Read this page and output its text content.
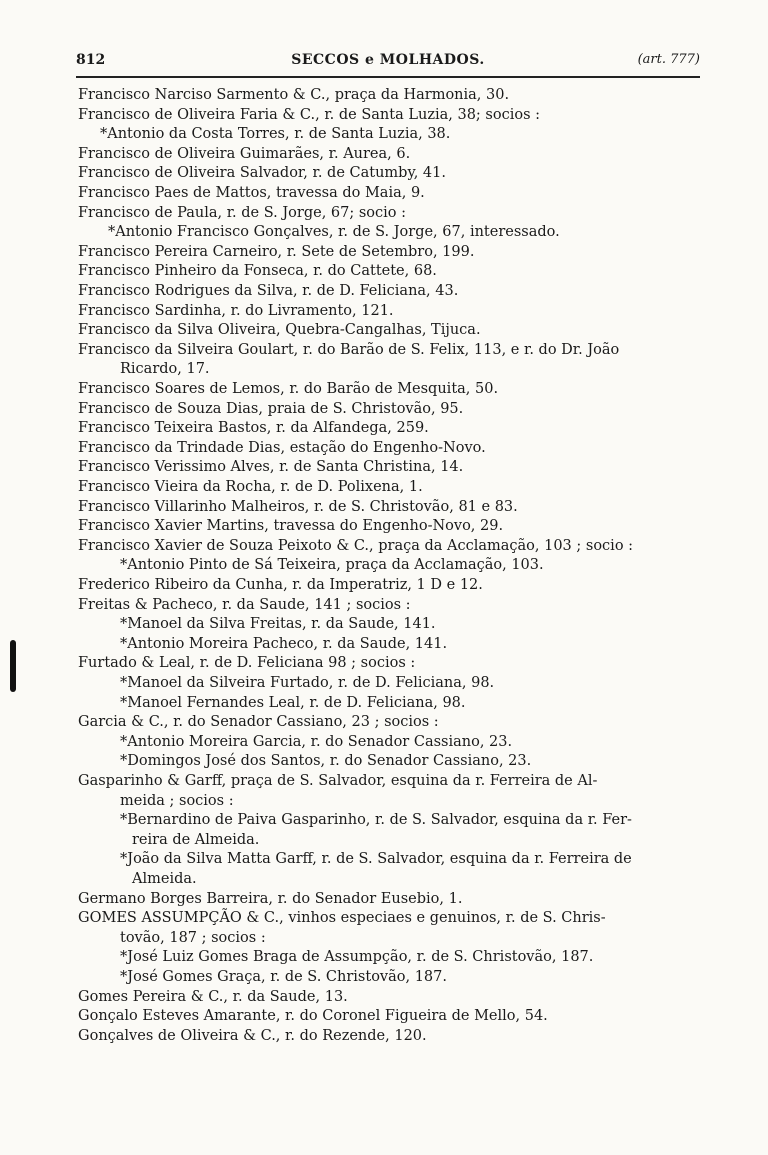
812	SECCOS e MOLHADOS.	(art. 777)
Francisco Narciso Sarmento & C., praça da Harmonia, 30.
Francisco de Oliveira Faria & C., r. de Santa Luzia, 38; socios :
*Antonio da Costa Torres, r. de Santa Luzia, 38.
Francisco de Oliveira Guimarães, r. Aurea, 6.
Francisco de Oliveira Salvador, r. de Catumby, 41.
Francisco Paes de Mattos, travessa do Maia, 9.
Francisco de Paula, r. de S. Jorge, 67; socio :
*Antonio Francisco Gonçalves, r. de S. Jorge, 67, interessado.
Francisco Pereira Carneiro, r. Sete de Setembro, 199.
Francisco Pinheiro da Fonseca, r. do Cattete, 68.
Francisco Rodrigues da Silva, r. de D. Feliciana, 43.
Francisco Sardinha, r. do Livramento, 121.
Francisco da Silva Oliveira, Quebra-Cangalhas, Tijuca.
Francisco da Silveira Goulart, r. do Barão de S. Felix, 113, e r. do Dr. João
Ricardo, 17.
Francisco Soares de Lemos, r. do Barão de Mesquita, 50.
Francisco de Souza Dias, praia de S. Christovão, 95.
Francisco Teixeira Bastos, r. da Alfandega, 259.
Francisco da Trindade Dias, estação do Engenho-Novo.
Francisco Verissimo Alves, r. de Santa Christina, 14.
Francisco Vieira da Rocha, r. de D. Polixena, 1.
Francisco Villarinho Malheiros, r. de S. Christovão, 81 e 83.
Francisco Xavier Martins, travessa do Engenho-Novo, 29.
Francisco Xavier de Souza Peixoto & C., praça da Acclamação, 103 ; socio :
*Antonio Pinto de Sá Teixeira, praça da Acclamação, 103.
Frederico Ribeiro da Cunha, r. da Imperatriz, 1 D e 12.
Freitas & Pacheco, r. da Saude, 141 ; socios :
*Manoel da Silva Freitas, r. da Saude, 141.
*Antonio Moreira Pacheco, r. da Saude, 141.
Furtado & Leal, r. de D. Feliciana 98 ; socios :
*Manoel da Silveira Furtado, r. de D. Feliciana, 98.
*Manoel Fernandes Leal, r. de D. Feliciana, 98.
Garcia & C., r. do Senador Cassiano, 23 ; socios :
*Antonio Moreira Garcia, r. do Senador Cassiano, 23.
*Domingos José dos Santos, r. do Senador Cassiano, 23.
Gasparinho & Garff, praça de S. Salvador, esquina da r. Ferreira de Al-
meida ; socios :
*Bernardino de Paiva Gasparinho, r. de S. Salvador, esquina da r. Fer-
reira de Almeida.
*João da Silva Matta Garff, r. de S. Salvador, esquina da r. Ferreira de
Almeida.
Germano Borges Barreira, r. do Senador Eusebio, 1.
GOMES ASSUMPÇÃO & C., vinhos especiaes e genuinos, r. de S. Chris-
tovão, 187 ; socios :
*José Luiz Gomes Braga de Assumpção, r. de S. Christovão, 187.
*José Gomes Graça, r. de S. Christovão, 187.
Gomes Pereira & C., r. da Saude, 13.
Gonçalo Esteves Amarante, r. do Coronel Figueira de Mello, 54.
Gonçalves de Oliveira & C., r. do Rezende, 120.
